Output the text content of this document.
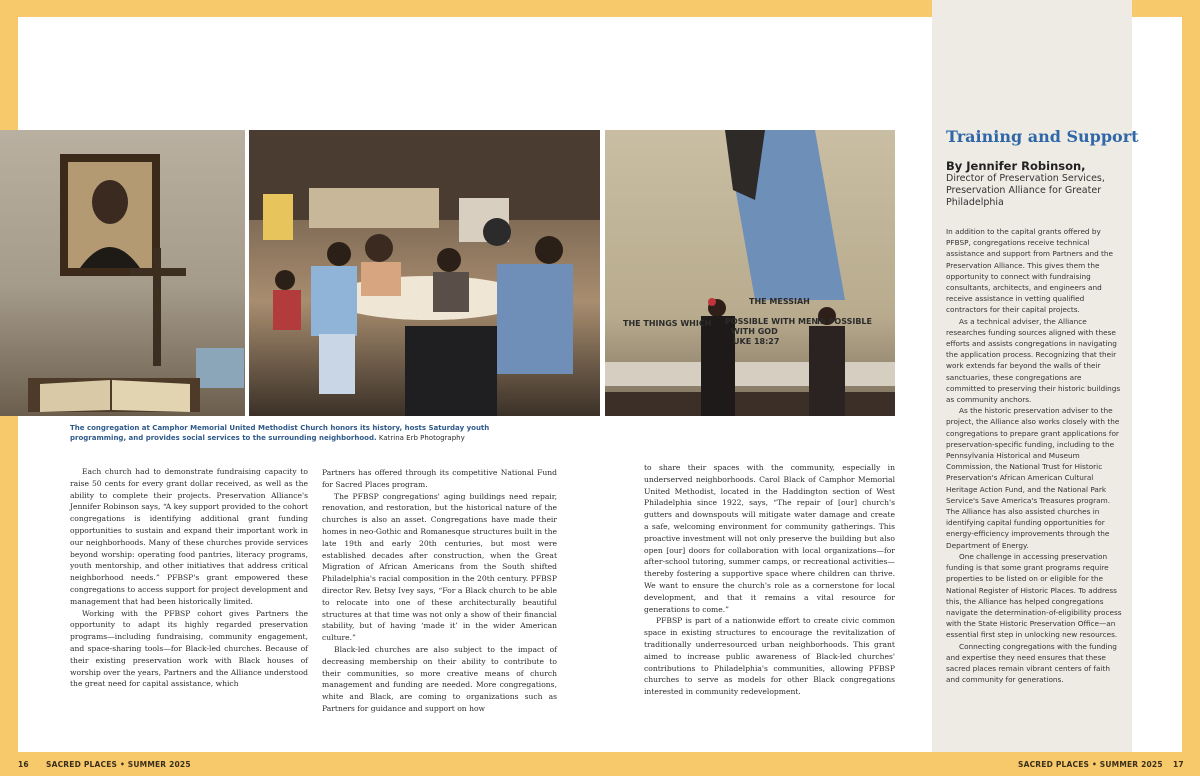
THE THINGS WHICH
THE MESSIAH
POSSIBLE WITH MEN
WITH GOD
UKE 18:27
IS POSSIBLE
The congregation at Camphor Memorial United Methodist Church honors its history, hosts Saturday youth programming, and provides social services to the surrounding neighborhood. Katrina Erb Photography

Each church had to demonstrate fundraising capacity to raise 50 cents for every grant dollar received, as well as the ability to complete their projects. Preservation Alliance's Jennifer Robinson says, “A key support provided to the cohort congregations is identifying additional grant funding opportunities to sustain and expand their important work in our neighborhoods. Many of these churches provide services beyond worship: operating food pantries, literacy programs, youth mentorship, and other initiatives that address critical neighborhood needs.” PFBSP's grant empowered these congregations to access support for project development and management that had been historically limited.

Working with the PFBSP cohort gives Partners the opportunity to adapt its highly regarded preservation programs—including fundraising, community engagement, and space-sharing tools—for Black-led churches. Because of their existing preservation work with Black houses of worship over the years, Partners and the Alliance understood the great need for capital assistance, which

Partners has offered through its competitive National Fund for Sacred Places program.

The PFBSP congregations' aging buildings need repair, renovation, and restoration, but the historical nature of the churches is also an asset. Congregations have made their homes in neo-Gothic and Romanesque structures built in the late 19th and early 20th centuries, but most were established decades after construction, when the Great Migration of African Americans from the South shifted Philadelphia's racial composition in the 20th century. PFBSP director Rev. Betsy Ivey says, “For a Black church to be able to relocate into one of these architecturally beautiful structures at that time was not only a show of their financial stability, but of having ‘made it’ in the wider American culture.”

Black-led churches are also subject to the impact of decreasing membership on their ability to contribute to their communities, so more creative means of church management and funding are needed. More congregations, white and Black, are coming to organizations such as Partners for guidance and support on how

to share their spaces with the community, especially in underserved neighborhoods. Carol Black of Camphor Memorial United Methodist, located in the Haddington section of West Philadelphia since 1922, says, “The repair of [our] church's gutters and downspouts will mitigate water damage and create a safe, welcoming environment for community gatherings. This proactive investment will not only preserve the building but also open [our] doors for collaboration with local organizations—for after-school tutoring, summer camps, or recreational activities—thereby fostering a supportive space where children can thrive. We want to ensure the church's role as a cornerstone for local development, and that it remains a vital resource for generations to come.”

PFBSP is part of a nationwide effort to create civic common space in existing structures to encourage the revitalization of traditionally underresourced urban neighborhoods. This grant aimed to increase public awareness of Black-led churches' contributions to Philadelphia's communities, allowing PFBSP churches to serve as models for other Black congregations interested in community redevelopment.

Training and Support
By Jennifer Robinson,
Director of Preservation Services, Preservation Alliance for Greater Philadelphia

In addition to the capital grants offered by PFBSP, congregations receive technical assistance and support from Partners and the Preservation Alliance. This gives them the opportunity to connect with fundraising consultants, architects, and engineers and receive assistance in vetting qualified contractors for their capital projects.

As a technical adviser, the Alliance researches funding sources aligned with these efforts and assists congregations in navigating the application process. Recognizing that their work extends far beyond the walls of their sanctuaries, these congregations are committed to preserving their historic buildings as community anchors.

As the historic preservation adviser to the project, the Alliance also works closely with the congregations to prepare grant applications for preservation-specific funding, including to the Pennsylvania Historical and Museum Commission, the National Trust for Historic Preservation's African American Cultural Heritage Action Fund, and the National Park Service's Save America's Treasures program. The Alliance has also assisted churches in identifying capital funding opportunities for energy-efficiency improvements through the Department of Energy.

One challenge in accessing preservation funding is that some grant programs require properties to be listed on or eligible for the National Register of Historic Places. To address this, the Alliance has helped congregations navigate the determination-of-eligibility process with the State Historic Preservation Office—an essential first step in unlocking new resources.

Connecting congregations with the funding and expertise they need ensures that these sacred places remain vibrant centers of faith and community for generations.

16 SACRED PLACES • SUMMER 2025	SACRED PLACES • SUMMER 2025 17
